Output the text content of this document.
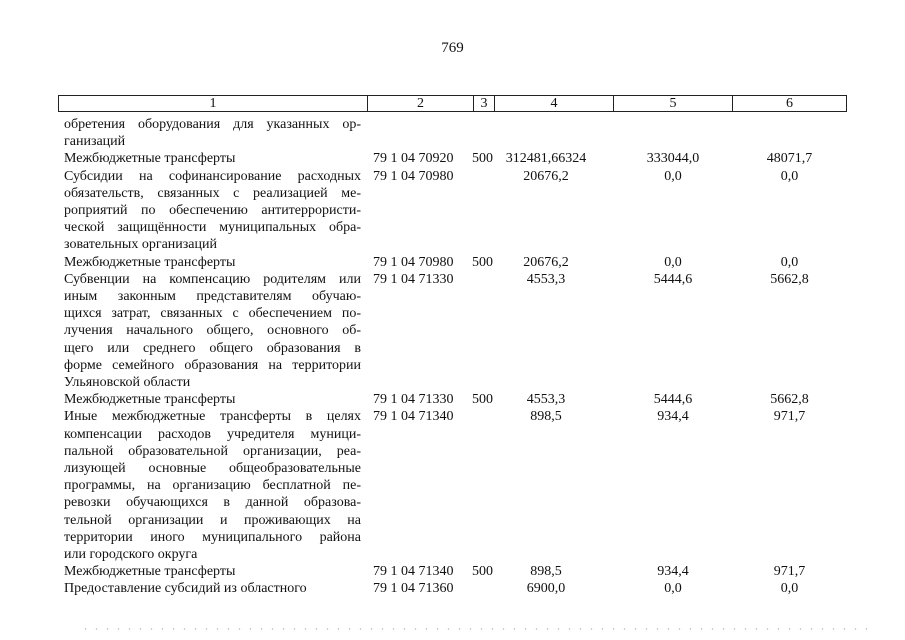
769
1	2	3	4	5	6
обретения оборудования для указанных ор-
ганизаций
Межбюджетные трансферты	79 1 04 70920 500 312481,66324	333044,0	48071,7
Субсидии на софинансирование расходных
обязательств, связанных с реализацией ме-
роприятий по обеспечению антитеррористи-
ческой защищённости муниципальных обра-
зовательных организаций
79 1 04 70980	20676,2	0,0	0,0
Межбюджетные трансферты	79 1 04 70980 500	20676,2	0,0	0,0
Субвенции на компенсацию родителям или
иным законным представителям обучаю-
щихся затрат, связанных с обеспечением по-
лучения начального общего, основного об-
щего или среднего общего образования в
форме семейного образования на территории
Ульяновской области
79 1 04 71330	4553,3	5444,6	5662,8
Межбюджетные трансферты	79 1 04 71330 500	4553,3	5444,6	5662,8
Иные межбюджетные трансферты в целях
компенсации расходов учредителя муници-
пальной образовательной организации, реа-
лизующей основные общеобразовательные
программы, на организацию бесплатной пе-
ревозки обучающихся в данной образова-
тельной организации и проживающих на
территории иного муниципального района
или городского округа
79 1 04 71340	898,5	934,4	971,7
Межбюджетные трансферты	79 1 04 71340 500	898,5	934,4	971,7
Предоставление субсидий из областного	79 1 04 71360	6900,0	0,0	0,0
